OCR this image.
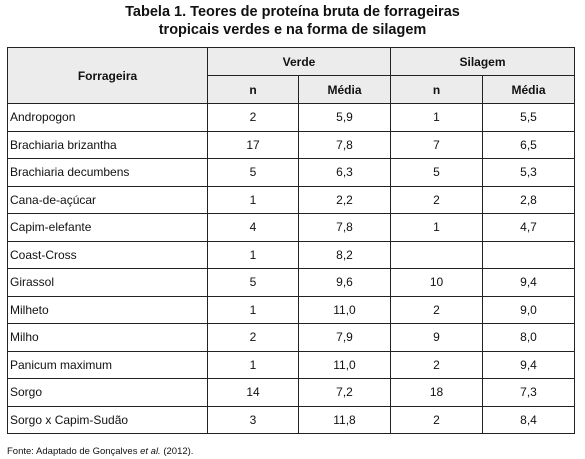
Tabela 1. Teores de proteína bruta de forrageiras
tropicais verdes e na forma de silagem
Forrageira	Verde		Silagem	
	n	Média	n	Média
Andropogon	2	5,9	1	5,5
Brachiaria brizantha	17	7,8	7	6,5
Brachiaria decumbens	5	6,3	5	5,3
Cana-de-açúcar	1	2,2	2	2,8
Capim-elefante	4	7,8	1	4,7
Coast-Cross	1	8,2		
Girassol	5	9,6	10	9,4
Milheto	1	11,0	2	9,0
Milho	2	7,9	9	8,0
Panicum maximum	1	11,0	2	9,4
Sorgo	14	7,2	18	7,3
Sorgo x Capim-Sudão	3	11,8	2	8,4
Fonte: Adaptado de Gonçalves et al. (2012).
